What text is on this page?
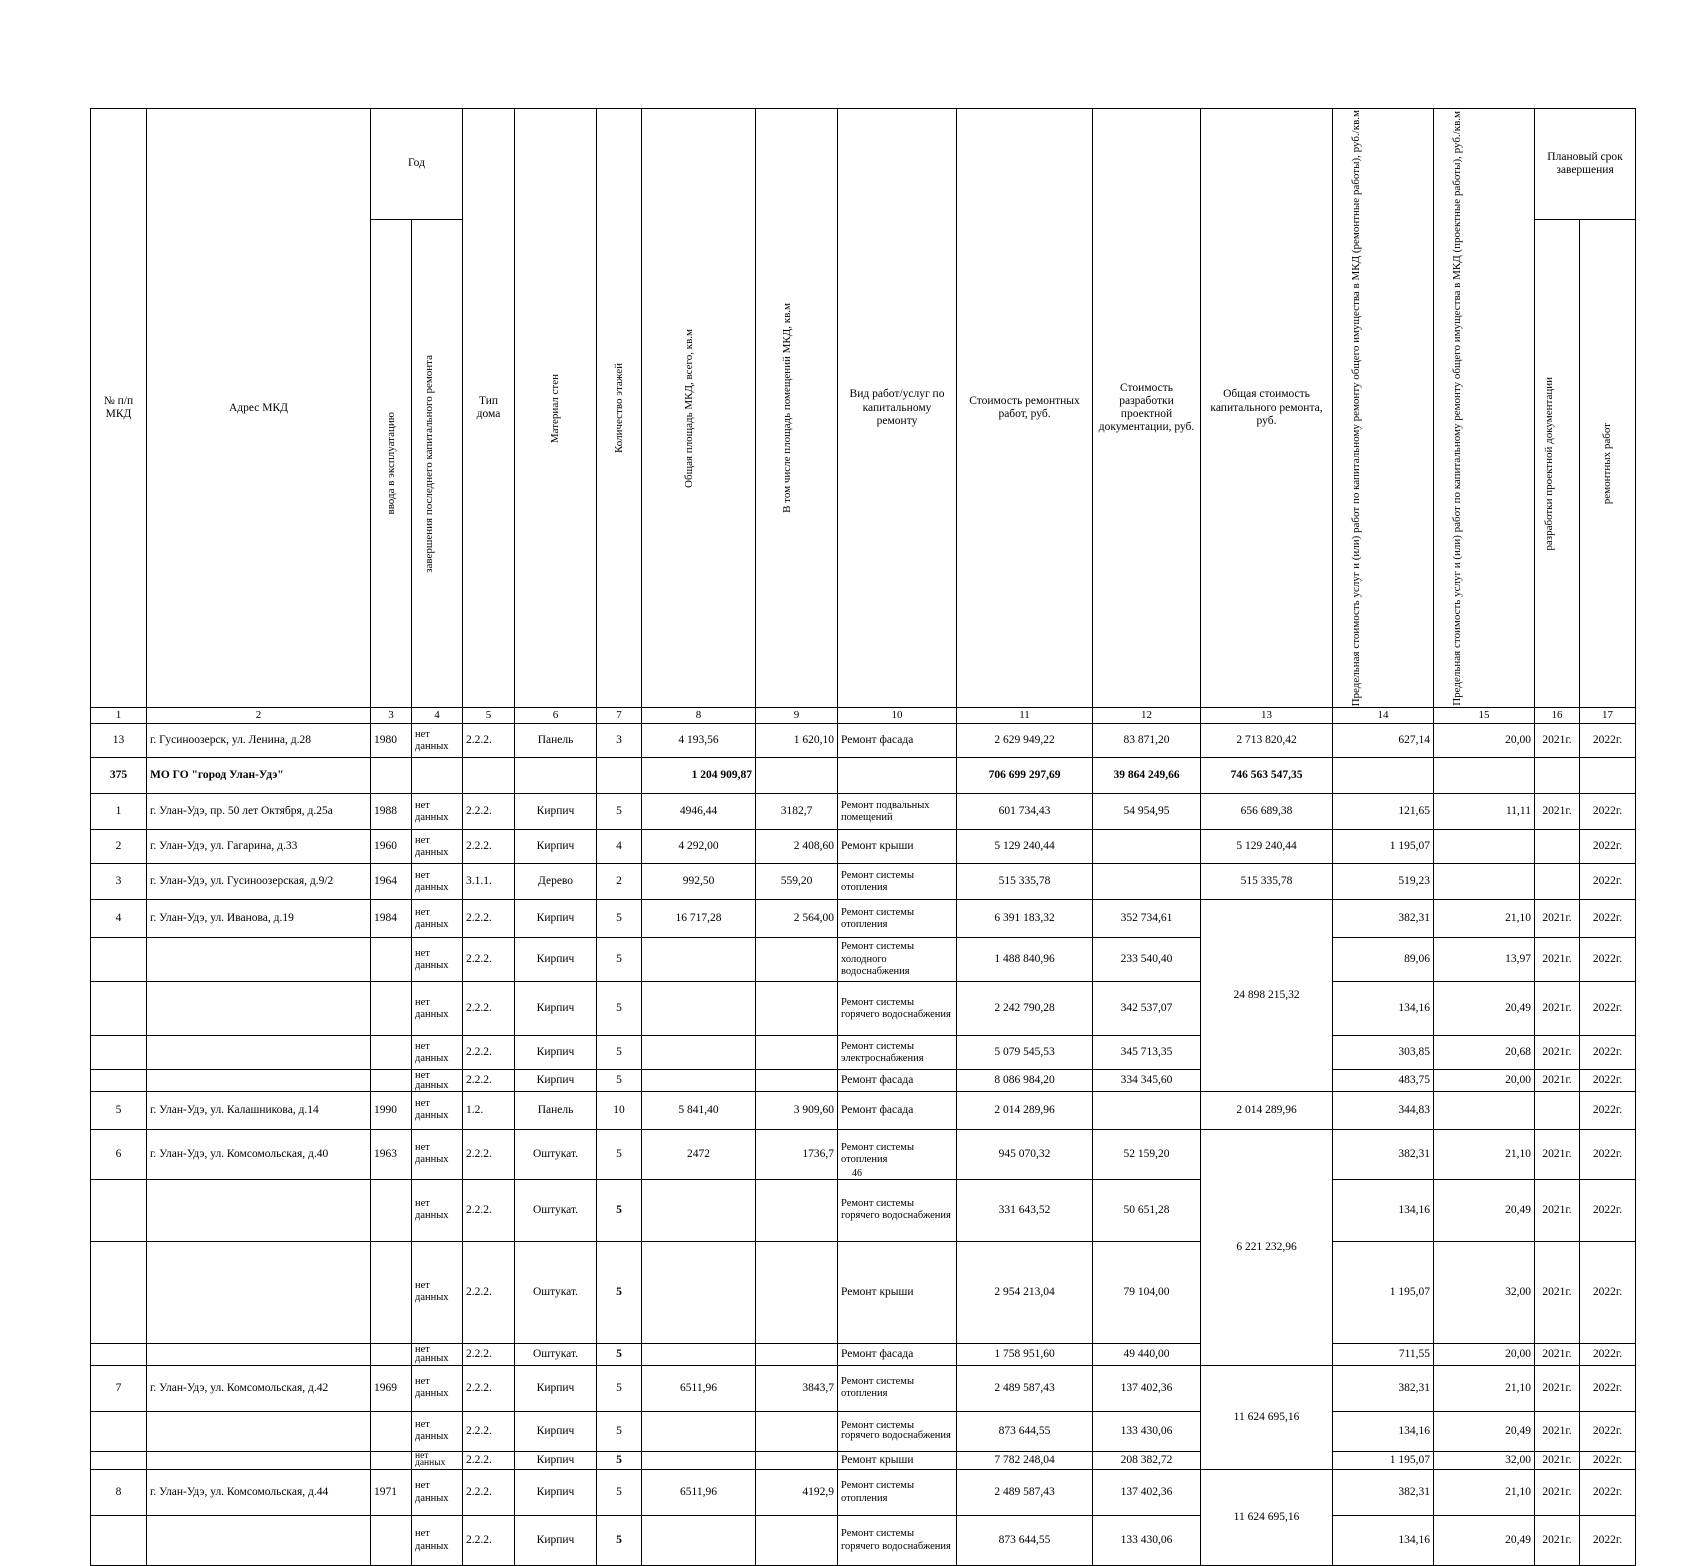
№ п/п МКД	Адрес МКД	Год		Тип дома	Материал стен	Количество этажей	Общая площадь МКД, всего, кв.м	В том числе площадь помещений МКД, кв.м	Вид работ/услуг по капитальному ремонту	Стоимость ремонтных работ, руб.	Стоимость разработки проектной документации, руб.	Общая стоимость капитального ремонта, руб.	Предельная стоимость услуг и (или) работ по капитальному ремонту общего имущества в МКД (ремонтные работы), руб./кв.м	Предельная стоимость услуг и (или) работ по капитальному ремонту общего имущества в МКД (проектные работы), руб./кв.м	Плановый срок завершения	

		ввода в эксплуатацию	завершения последнего капитального ремонта												разработки проектной документации	ремонтных работ

1	2	3	4	5	6	7	8	9	10	11	12	13	14	15	16	17
13	г. Гусиноозерск, ул. Ленина, д.28	1980	нет данных	2.2.2.	Панель	3	4 193,56	1 620,10	Ремонт фасада	2 629 949,22	83 871,20	2 713 820,42	627,14	20,00	2021г.	2022г.
375	МО ГО "город Улан-Удэ"						1 204 909,87			706 699 297,69	39 864 249,66	746 563 547,35				
1	г. Улан-Удэ, пр. 50 лет Октября, д.25а	1988	нет данных	2.2.2.	Кирпич	5	4946,44	3182,7	Ремонт подвальных помещений	601 734,43	54 954,95	656 689,38	121,65	11,11	2021г.	2022г.
2	г. Улан-Удэ, ул. Гагарина, д.33	1960	нет данных	2.2.2.	Кирпич	4	4 292,00	2 408,60	Ремонт крыши	5 129 240,44		5 129 240,44	1 195,07			2022г.
3	г. Улан-Удэ, ул. Гусиноозерская, д.9/2	1964	нет данных	3.1.1.	Дерево	2	992,50	559,20	Ремонт системы отопления	515 335,78		515 335,78	519,23			2022г.
4	г. Улан-Удэ, ул. Иванова, д.19	1984	нет данных	2.2.2.	Кирпич	5	16 717,28	2 564,00	Ремонт системы отопления	6 391 183,32	352 734,61	24 898 215,32	382,31	21,10	2021г.	2022г.
			нет данных	2.2.2.	Кирпич	5			Ремонт системы холодного водоснабжения	1 488 840,96	233 540,40		89,06	13,97	2021г.	2022г.
			нет данных	2.2.2.	Кирпич	5			Ремонт системы горячего водоснабжения	2 242 790,28	342 537,07		134,16	20,49	2021г.	2022г.
			нет данных	2.2.2.	Кирпич	5			Ремонт системы электроснабжения	5 079 545,53	345 713,35		303,85	20,68	2021г.	2022г.
			нет данных	2.2.2.	Кирпич	5			Ремонт фасада	8 086 984,20	334 345,60		483,75	20,00	2021г.	2022г.
5	г. Улан-Удэ, ул. Калашникова, д.14	1990	нет данных	1.2.	Панель	10	5 841,40	3 909,60	Ремонт фасада	2 014 289,96		2 014 289,96	344,83			2022г.
6	г. Улан-Удэ, ул. Комсомольская, д.40	1963	нет данных	2.2.2.	Оштукат.	5	2472	1736,7	Ремонт системы отопления	945 070,32	52 159,20	6 221 232,96	382,31	21,10	2021г.	2022г.
			нет данных	2.2.2.	Оштукат.	5			Ремонт системы горячего водоснабжения	331 643,52	50 651,28		134,16	20,49	2021г.	2022г.
			нет данных	2.2.2.	Оштукат.	5			Ремонт крыши	2 954 213,04	79 104,00		1 195,07	32,00	2021г.	2022г.
			нет данных	2.2.2.	Оштукат.	5			Ремонт фасада	1 758 951,60	49 440,00		711,55	20,00	2021г.	2022г.
7	г. Улан-Удэ, ул. Комсомольская, д.42	1969	нет данных	2.2.2.	Кирпич	5	6511,96	3843,7	Ремонт системы отопления	2 489 587,43	137 402,36	11 624 695,16	382,31	21,10	2021г.	2022г.
			нет данных	2.2.2.	Кирпич	5			Ремонт системы горячего водоснабжения	873 644,55	133 430,06		134,16	20,49	2021г.	2022г.
			нет данных	2.2.2.	Кирпич	5			Ремонт крыши	7 782 248,04	208 382,72		1 195,07	32,00	2021г.	2022г.
8	г. Улан-Удэ, ул. Комсомольская, д.44	1971	нет данных	2.2.2.	Кирпич	5	6511,96	4192,9	Ремонт системы отопления	2 489 587,43	137 402,36	11 624 695,16	382,31	21,10	2021г.	2022г.
			нет данных	2.2.2.	Кирпич	5			Ремонт системы горячего водоснабжения	873 644,55	133 430,06		134,16	20,49	2021г.	2022г.
46
